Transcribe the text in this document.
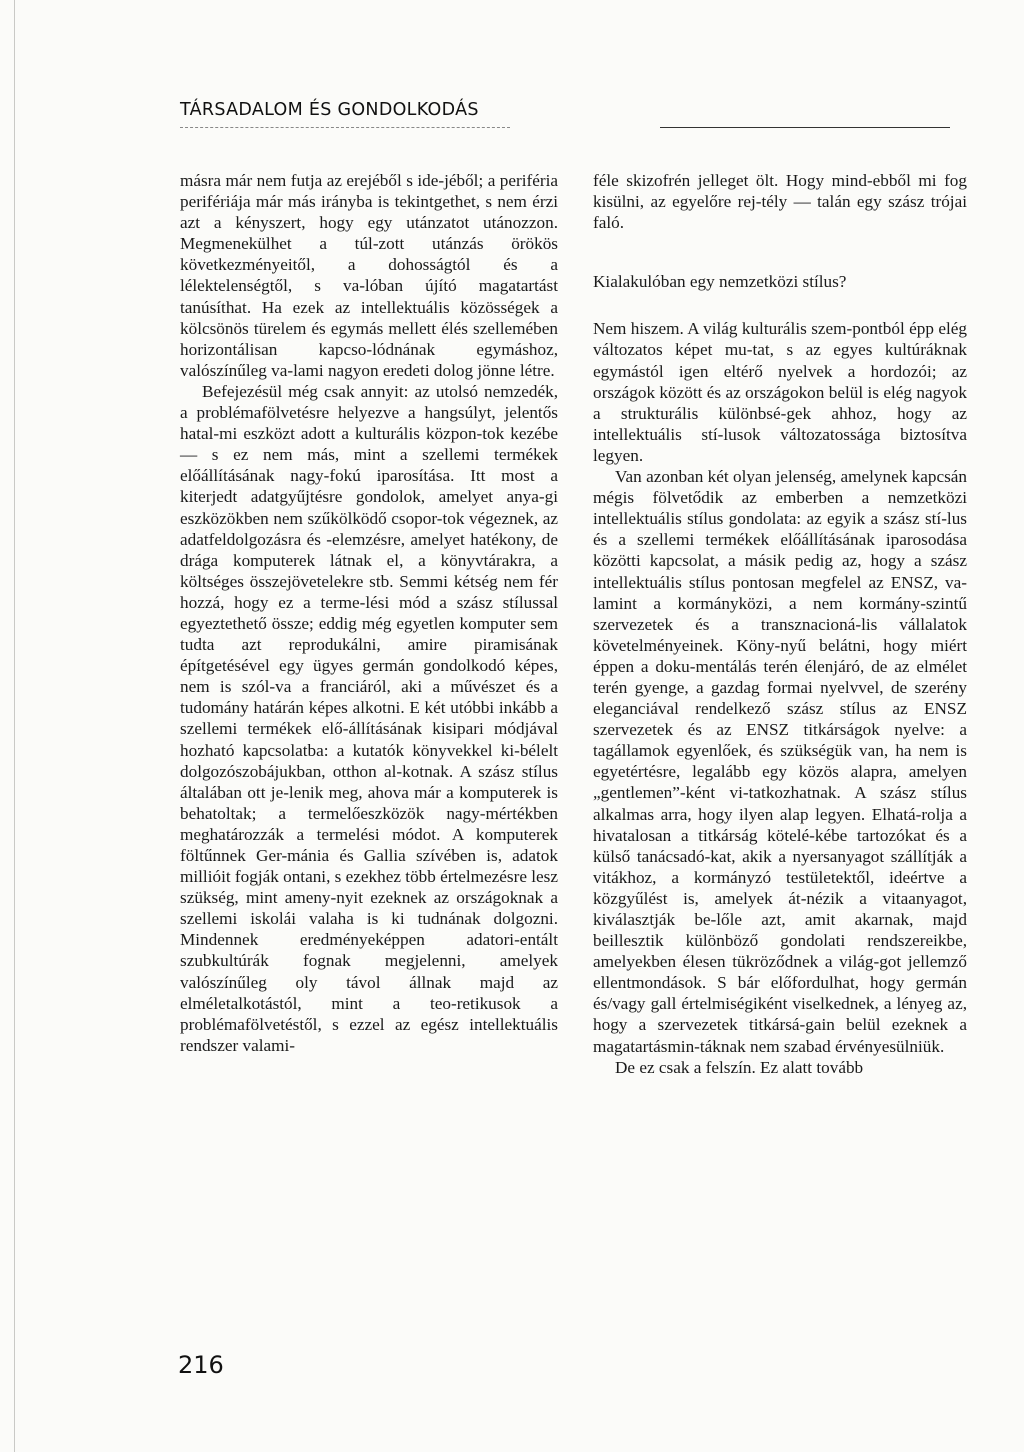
TÁRSADALOM ÉS GONDOLKODÁS

másra már nem futja az erejéből s ide-jéből; a periféria perifériája már más irányba is tekintgethet, s nem érzi azt a kényszert, hogy egy utánzatot utánozzon. Megmenekülhet a túl-zott utánzás örökös következményeitől, a dohosságtól és a lélektelenségtől, s va-lóban újító magatartást tanúsíthat. Ha ezek az intellektuális közösségek a kölcsönös türelem és egymás mellett élés szellemében horizontálisan kapcso-lódnának egymáshoz, valószínűleg va-lami nagyon eredeti dolog jönne létre.

Befejezésül még csak annyit: az utolsó nemzedék, a problémafölvetésre helyezve a hangsúlyt, jelentős hatal-mi eszközt adott a kulturális közpon-tok kezébe — s ez nem más, mint a szellemi termékek előállításának nagy-fokú iparosítása. Itt most a kiterjedt adatgyűjtésre gondolok, amelyet anya-gi eszközökben nem szűkölködő csopor-tok végeznek, az adatfeldolgozásra és -elemzésre, amelyet hatékony, de drága komputerek látnak el, a könyvtárakra, a költséges összejövetelekre stb. Semmi kétség nem fér hozzá, hogy ez a terme-lési mód a szász stílussal egyeztethető össze; eddig még egyetlen komputer sem tudta azt reprodukálni, amire piramisának építgetésével egy ügyes germán gondolkodó képes, nem is szól-va a franciáról, aki a művészet és a tudomány határán képes alkotni. E két utóbbi inkább a szellemi termékek elő-állításának kisipari módjával hozható kapcsolatba: a kutatók könyvekkel ki-bélelt dolgozószobájukban, otthon al-kotnak. A szász stílus általában ott je-lenik meg, ahova már a komputerek is behatoltak; a termelőeszközök nagy-mértékben meghatározzák a termelési módot. A komputerek föltűnnek Ger-mánia és Gallia szívében is, adatok millióit fogják ontani, s ezekhez több értelmezésre lesz szükség, mint ameny-nyit ezeknek az országoknak a szellemi iskolái valaha is ki tudnának dolgozni. Mindennek eredményeképpen adatori-entált szubkultúrák fognak megjelenni, amelyek valószínűleg oly távol állnak majd az elméletalkotástól, mint a teo-retikusok a problémafölvetéstől, s ezzel az egész intellektuális rendszer valami-

féle skizofrén jelleget ölt. Hogy mind-ebből mi fog kisülni, az egyelőre rej-tély — talán egy szász trójai faló.

Kialakulóban egy nemzetközi stílus?

Nem hiszem. A világ kulturális szem-pontból épp elég változatos képet mu-tat, s az egyes kultúráknak egymástól igen eltérő nyelvek a hordozói; az országok között és az országokon belül is elég nagyok a strukturális különbsé-gek ahhoz, hogy az intellektuális stí-lusok változatossága biztosítva legyen.

Van azonban két olyan jelenség, amelynek kapcsán mégis fölvetődik az emberben a nemzetközi intellektuális stílus gondolata: az egyik a szász stí-lus és a szellemi termékek előállításának iparosodása közötti kapcsolat, a másik pedig az, hogy a szász intellektuális stílus pontosan megfelel az ENSZ, va-lamint a kormányközi, a nem kormány-szintű szervezetek és a transznacioná-lis vállalatok követelményeinek. Köny-nyű belátni, hogy miért éppen a doku-mentálás terén élenjáró, de az elmélet terén gyenge, a gazdag formai nyelvvel, de szerény eleganciával rendelkező szász stílus az ENSZ szervezetek és az ENSZ titkárságok nyelve: a tagállamok egyenlőek, és szükségük van, ha nem is egyetértésre, legalább egy közös alapra, amelyen „gentlemen”-ként vi-tatkozhatnak. A szász stílus alkalmas arra, hogy ilyen alap legyen. Elhatá-rolja a hivatalosan a titkárság kötelé-kébe tartozókat és a külső tanácsadó-kat, akik a nyersanyagot szállítják a vitákhoz, a kormányzó testületektől, ideértve a közgyűlést is, amelyek át-nézik a vitaanyagot, kiválasztják be-lőle azt, amit akarnak, majd beillesztik különböző gondolati rendszereikbe, amelyekben élesen tükröződnek a világ-got jellemző ellentmondások. S bár előfordulhat, hogy germán és/vagy gall értelmiségiként viselkednek, a lényeg az, hogy a szervezetek titkársá-gain belül ezeknek a magatartásmin-táknak nem szabad érvényesülniük.

De ez csak a felszín. Ez alatt tovább

216
